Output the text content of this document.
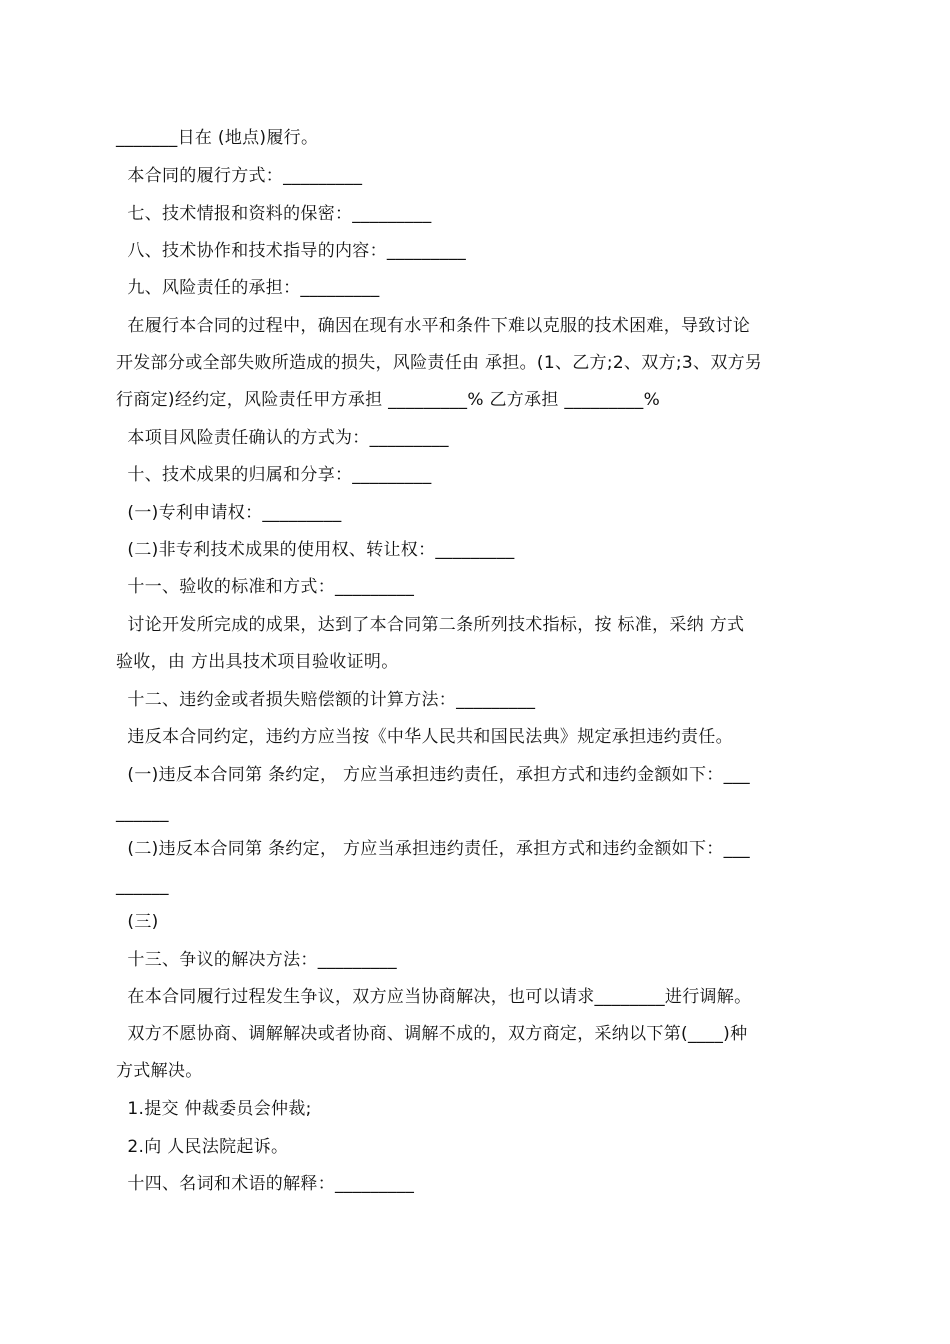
_______日在 (地点)履行。
本合同的履行方式：_________
七、技术情报和资料的保密：_________
八、技术协作和技术指导的内容：_________
九、风险责任的承担：_________
在履行本合同的过程中，确因在现有水平和条件下难以克服的技术困难，导致讨论
开发部分或全部失败所造成的损失，风险责任由 承担。(1、乙方;2、双方;3、双方另
行商定)经约定，风险责任甲方承担 _________% 乙方承担 _________%
本项目风险责任确认的方式为：_________
十、技术成果的归属和分享：_________
(一)专利申请权：_________
(二)非专利技术成果的使用权、转让权：_________
十一、验收的标准和方式：_________
讨论开发所完成的成果，达到了本合同第二条所列技术指标，按 标准，采纳 方式
验收，由 方出具技术项目验收证明。
十二、违约金或者损失赔偿额的计算方法：_________
违反本合同约定，违约方应当按《中华人民共和国民法典》规定承担违约责任。
(一)违反本合同第 条约定， 方应当承担违约责任，承担方式和违约金额如下：___
______
(二)违反本合同第 条约定， 方应当承担违约责任，承担方式和违约金额如下：___
______
(三)
十三、争议的解决方法：_________
在本合同履行过程发生争议，双方应当协商解决，也可以请求________进行调解。
双方不愿协商、调解解决或者协商、调解不成的，双方商定，采纳以下第(____)种
方式解决。
1.提交 仲裁委员会仲裁;
2.向 人民法院起诉。
十四、名词和术语的解释：_________
